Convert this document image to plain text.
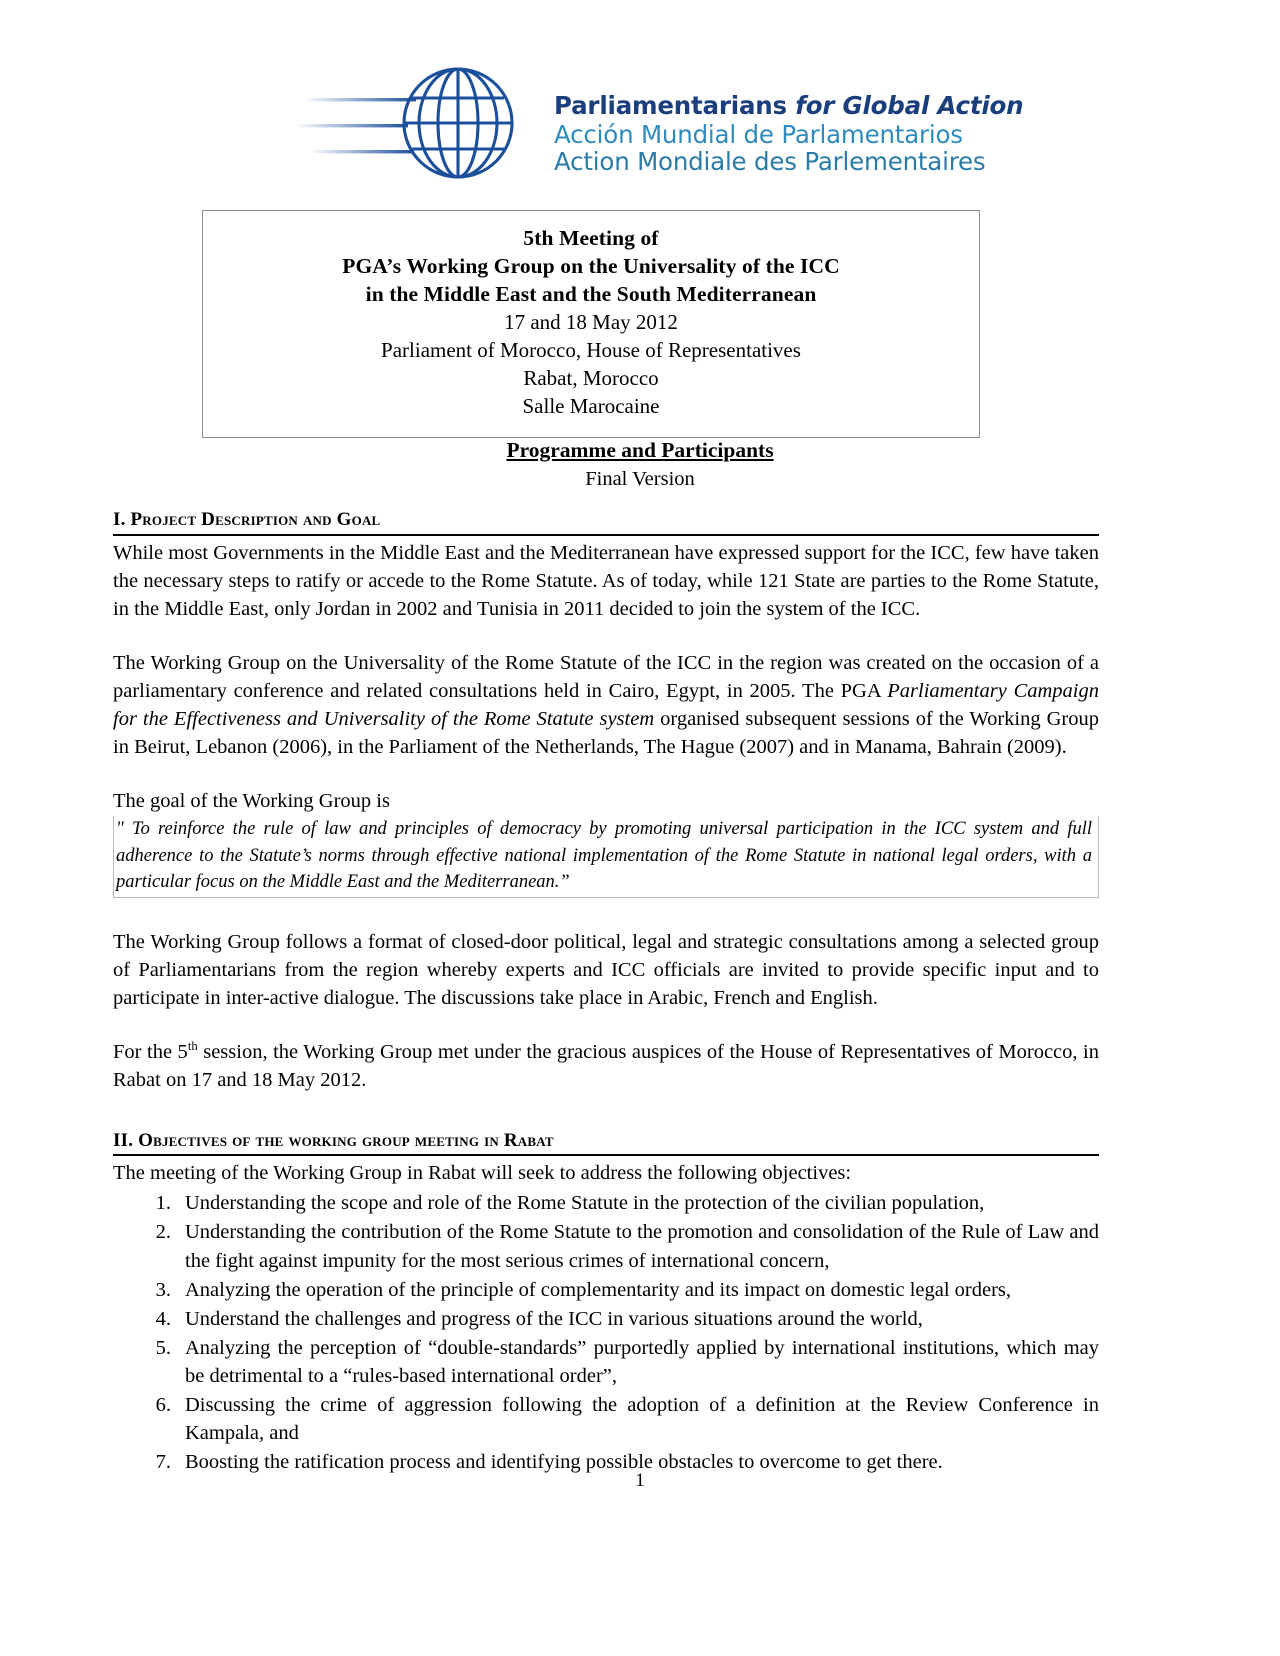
Parliamentarians for Global Action
Acción Mundial de Parlamentarios
Action Mondiale des Parlementaires
5th Meeting of
PGA’s Working Group on the Universality of the ICC
in the Middle East and the South Mediterranean
17 and 18 May 2012
Parliament of Morocco, House of Representatives
Rabat, Morocco
Salle Marocaine
Programme and Participants
Final Version
I. Project Description and Goal

While most Governments in the Middle East and the Mediterranean have expressed support for the ICC, few have taken the necessary steps to ratify or accede to the Rome Statute. As of today, while 121 State are parties to the Rome Statute, in the Middle East, only Jordan in 2002 and Tunisia in 2011 decided to join the system of the ICC.

The Working Group on the Universality of the Rome Statute of the ICC in the region was created on the occasion of a parliamentary conference and related consultations held in Cairo, Egypt, in 2005. The PGA Parliamentary Campaign for the Effectiveness and Universality of the Rome Statute system organised subsequent sessions of the Working Group in Beirut, Lebanon (2006), in the Parliament of the Netherlands, The Hague (2007) and in Manama, Bahrain (2009).

The goal of the Working Group is

" To reinforce the rule of law and principles of democracy by promoting universal participation in the ICC system and full adherence to the Statute’s norms through effective national implementation of the Rome Statute in national legal orders, with a particular focus on the Middle East and the Mediterranean.”

The Working Group follows a format of closed-door political, legal and strategic consultations among a selected group of Parliamentarians from the region whereby experts and ICC officials are invited to provide specific input and to participate in inter-active dialogue. The discussions take place in Arabic, French and English.

For the 5th session, the Working Group met under the gracious auspices of the House of Representatives of Morocco, in Rabat on 17 and 18 May 2012.

II. Objectives of the working group meeting in Rabat

The meeting of the Working Group in Rabat will seek to address the following objectives:

1. Understanding the scope and role of the Rome Statute in the protection of the civilian population,
2. Understanding the contribution of the Rome Statute to the promotion and consolidation of the Rule of Law and the fight against impunity for the most serious crimes of international concern,
3. Analyzing the operation of the principle of complementarity and its impact on domestic legal orders,
4. Understand the challenges and progress of the ICC in various situations around the world,
5. Analyzing the perception of “double-standards” purportedly applied by international institutions, which may be detrimental to a “rules-based international order”,
6. Discussing the crime of aggression following the adoption of a definition at the Review Conference in Kampala, and
7. Boosting the ratification process and identifying possible obstacles to overcome to get there.
1
